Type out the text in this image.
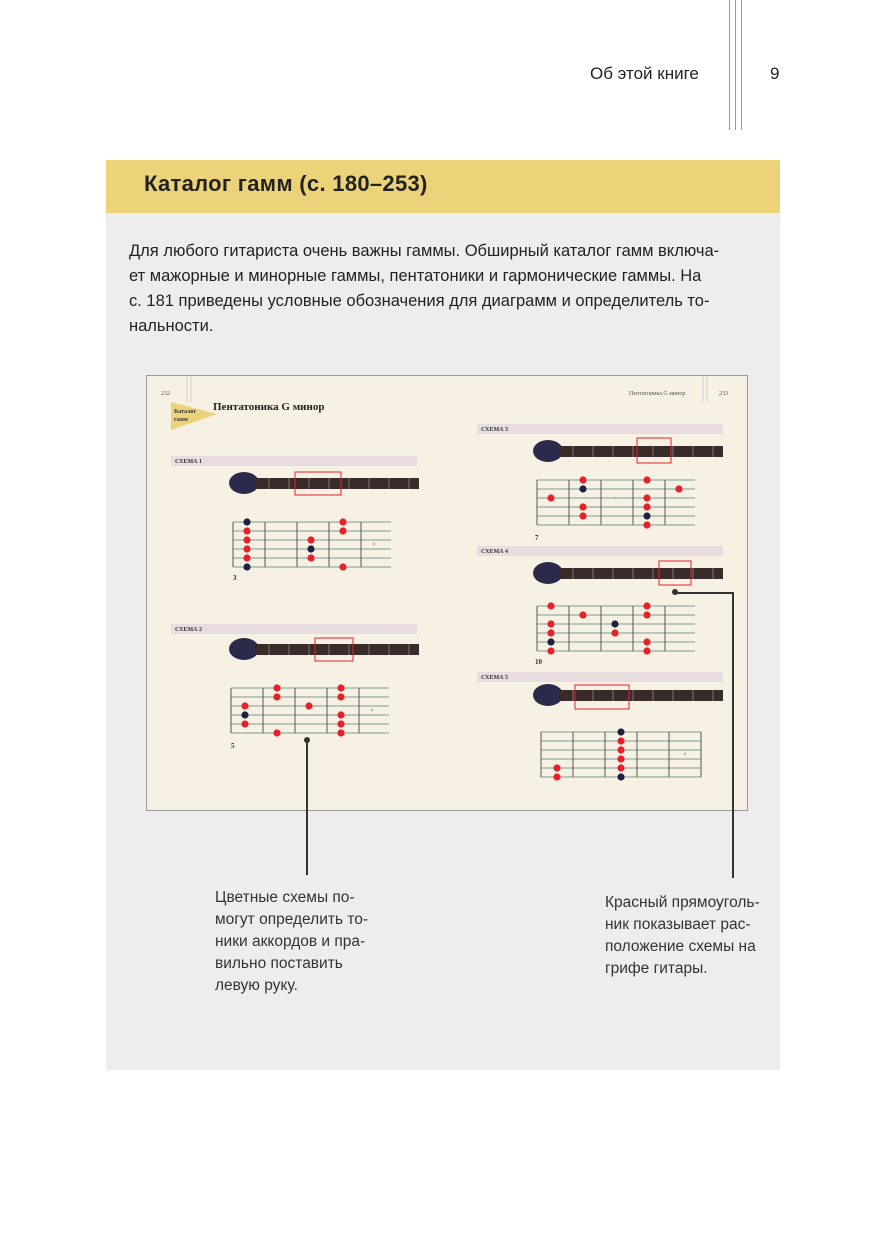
Об этой книге	9
Каталог гамм (с. 180–253)
Для любого гитариста очень важны гаммы. Обширный каталог гамм включа-
ет мажорные и минорные гаммы, пентатоники и гармонические гаммы. На
с. 181 приведены условные обозначения для диаграмм и определитель то-
нальности.
232	233
Пентатоника G минор
Каталог
гамм
Пентатоника G минор
СХЕМА 1
3
СХЕМА 2
5
СХЕМА 3
7
СХЕМА 4
10
СХЕМА 5
Цветные схемы по-
могут определить то-
ники аккордов и пра-
вильно поставить
левую руку.
Красный прямоуголь-
ник показывает рас-
положение схемы на
грифе гитары.
